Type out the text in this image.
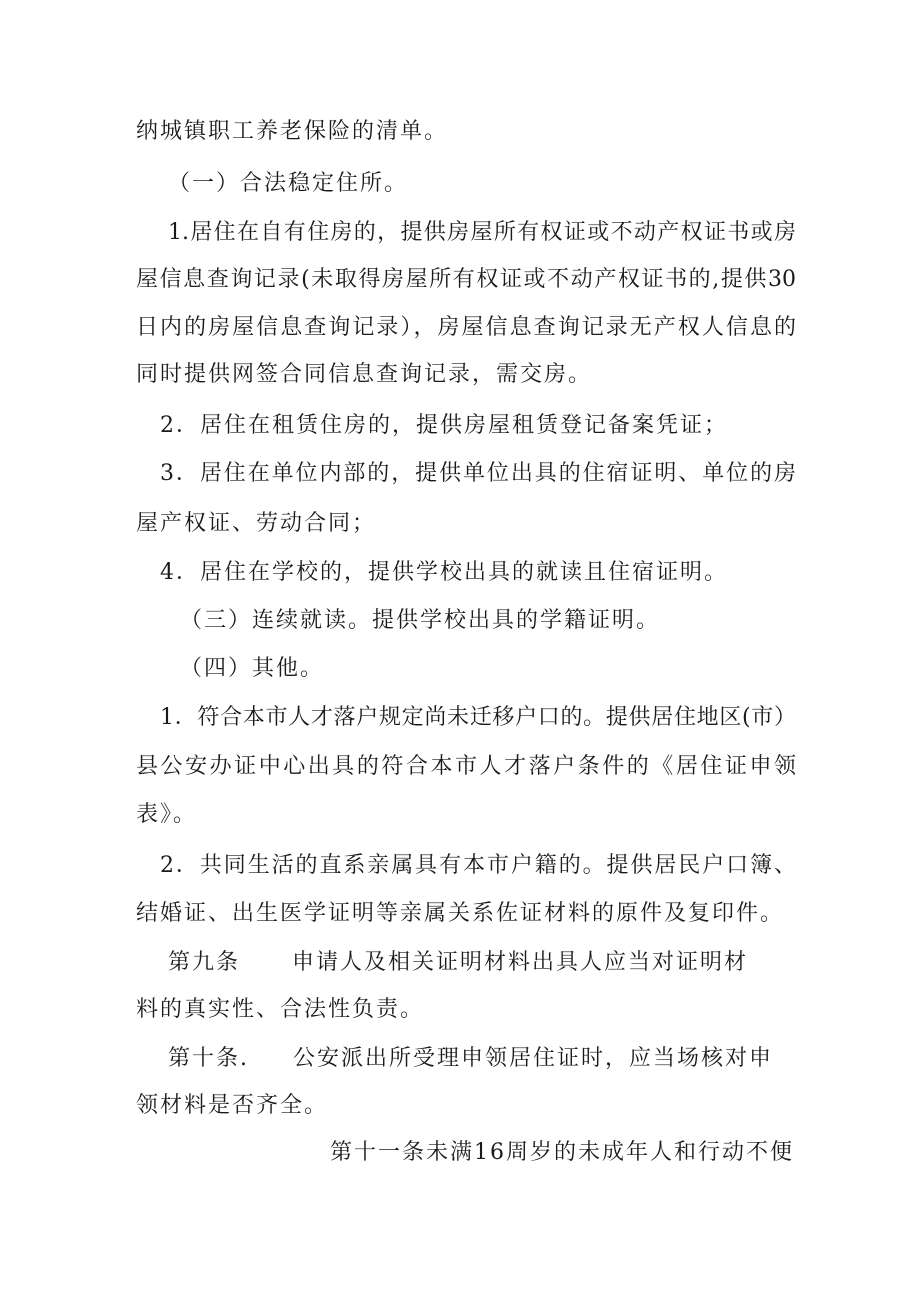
纳城镇职工养老保险的清单。
（一）合法稳定住所。
1.居住在自有住房的，提供房屋所有权证或不动产权证书或房
屋信息查询记录(未取得房屋所有权证或不动产权证书的,提供30
日内的房屋信息查询记录），房屋信息查询记录无产权人信息的
同时提供网签合同信息查询记录，需交房。
2．居住在租赁住房的，提供房屋租赁登记备案凭证；
3．居住在单位内部的，提供单位出具的住宿证明、单位的房
屋产权证、劳动合同；
4．居住在学校的，提供学校出具的就读且住宿证明。
（三）连续就读。提供学校出具的学籍证明。
（四）其他。
1．符合本市人才落户规定尚未迁移户口的。提供居住地区(市）
县公安办证中心出具的符合本市人才落户条件的《居住证申领
表》。
2．共同生活的直系亲属具有本市户籍的。提供居民户口簿、
结婚证、出生医学证明等亲属关系佐证材料的原件及复印件。
第九条 申请人及相关证明材料出具人应当对证明材
料的真实性、合法性负责。
第十条. 公安派出所受理申领居住证时，应当场核对申
领材料是否齐全。
第十一条未满16周岁的未成年人和行动不便
